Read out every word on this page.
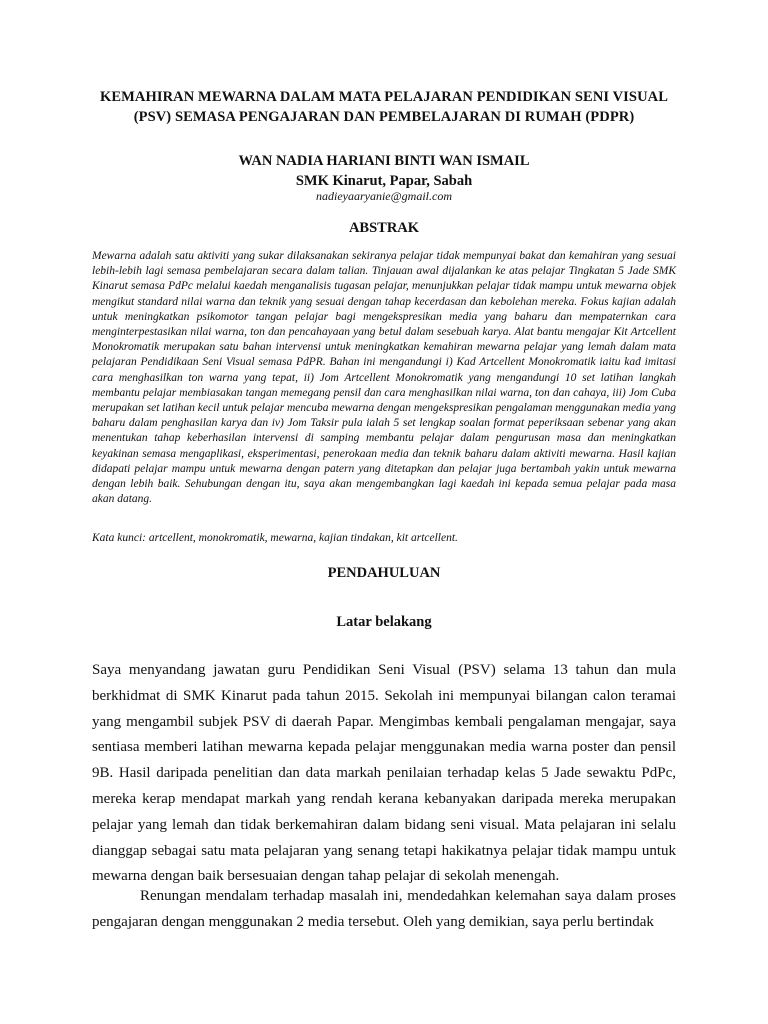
KEMAHIRAN MEWARNA DALAM MATA PELAJARAN PENDIDIKAN SENI VISUAL (PSV) SEMASA PENGAJARAN DAN PEMBELAJARAN DI RUMAH (PDPR)
WAN NADIA HARIANI BINTI WAN ISMAIL
SMK Kinarut, Papar, Sabah
nadieyaaryanie@gmail.com
ABSTRAK

Mewarna adalah satu aktiviti yang sukar dilaksanakan sekiranya pelajar tidak mempunyai bakat dan kemahiran yang sesuai lebih-lebih lagi semasa pembelajaran secara dalam talian. Tinjauan awal dijalankan ke atas pelajar Tingkatan 5 Jade SMK Kinarut semasa PdPc melalui kaedah menganalisis tugasan pelajar, menunjukkan pelajar tidak mampu untuk mewarna objek mengikut standard nilai warna dan teknik yang sesuai dengan tahap kecerdasan dan kebolehan mereka. Fokus kajian adalah untuk meningkatkan psikomotor tangan pelajar bagi mengekspresikan media yang baharu dan mempaternkan cara menginterpestasikan nilai warna, ton dan pencahayaan yang betul dalam sesebuah karya. Alat bantu mengajar Kit Artcellent Monokromatik merupakan satu bahan intervensi untuk meningkatkan kemahiran mewarna pelajar yang lemah dalam mata pelajaran Pendidikaan Seni Visual semasa PdPR. Bahan ini mengandungi i) Kad Artcellent Monokromatik iaitu kad imitasi cara menghasilkan ton warna yang tepat, ii) Jom Artcellent Monokromatik yang mengandungi 10 set latihan langkah membantu pelajar membiasakan tangan memegang pensil dan cara menghasilkan nilai warna, ton dan cahaya, iii) Jom Cuba merupakan set latihan kecil untuk pelajar mencuba mewarna dengan mengekspresikan pengalaman menggunakan media yang baharu dalam penghasilan karya dan iv) Jom Taksir pula ialah 5 set lengkap soalan format peperiksaan sebenar yang akan menentukan tahap keberhasilan intervensi di samping membantu pelajar dalam pengurusan masa dan meningkatkan keyakinan semasa mengaplikasi, eksperimentasi, penerokaan media dan teknik baharu dalam aktiviti mewarna. Hasil kajian didapati pelajar mampu untuk mewarna dengan patern yang ditetapkan dan pelajar juga bertambah yakin untuk mewarna dengan lebih baik. Sehubungan dengan itu, saya akan mengembangkan lagi kaedah ini kepada semua pelajar pada masa akan datang.

Kata kunci: artcellent, monokromatik, mewarna, kajian tindakan, kit artcellent.

PENDAHULUAN
Latar belakang

Saya menyandang jawatan guru Pendidikan Seni Visual (PSV) selama 13 tahun dan mula berkhidmat di SMK Kinarut pada tahun 2015. Sekolah ini mempunyai bilangan calon teramai yang mengambil subjek PSV di daerah Papar. Mengimbas kembali pengalaman mengajar, saya sentiasa memberi latihan mewarna kepada pelajar menggunakan media warna poster dan pensil 9B. Hasil daripada penelitian dan data markah penilaian terhadap kelas 5 Jade sewaktu PdPc, mereka kerap mendapat markah yang rendah kerana kebanyakan daripada mereka merupakan pelajar yang lemah dan tidak berkemahiran dalam bidang seni visual. Mata pelajaran ini selalu dianggap sebagai satu mata pelajaran yang senang tetapi hakikatnya pelajar tidak mampu untuk mewarna dengan baik bersesuaian dengan tahap pelajar di sekolah menengah.

Renungan mendalam terhadap masalah ini, mendedahkan kelemahan saya dalam proses pengajaran dengan menggunakan 2 media tersebut. Oleh yang demikian, saya perlu bertindak
